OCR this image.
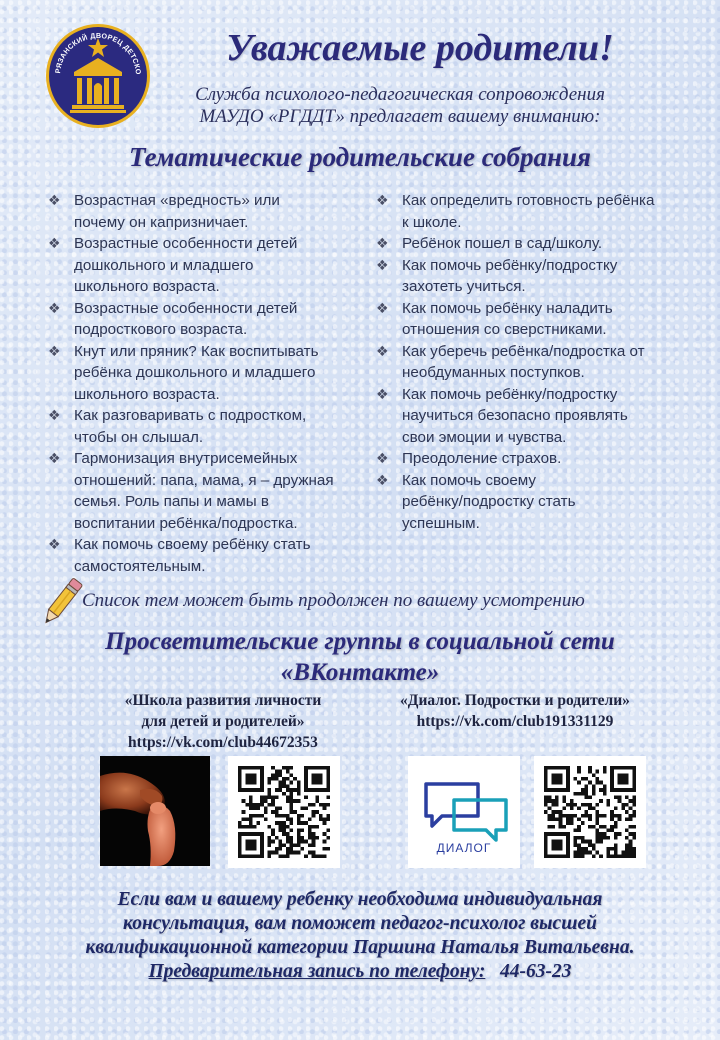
РЯЗАНСКИЙ ДВОРЕЦ ДЕТСКО
Уважаемые родители!
Служба психолого-педагогическая сопровождения
МАУДО «РГДДТ» предлагает вашему вниманию:
Тематические родительские собрания
❖ Возрастная «вредность» или
почему он капризничает.
❖ Возрастные особенности детей
дошкольного и младшего
школьного возраста.
❖ Возрастные особенности детей
подросткового возраста.
❖ Кнут или пряник? Как воспитывать
ребёнка дошкольного и младшего
школьного возраста.
❖ Как разговаривать с подростком,
чтобы он слышал.
❖ Гармонизация внутрисемейных
отношений: папа, мама, я – дружная
семья. Роль папы и мамы в
воспитании ребёнка/подростка.
❖ Как помочь своему ребёнку стать
самостоятельным.
❖ Как определить готовность ребёнка
к школе.
❖ Ребёнок пошел в сад/школу.
❖ Как помочь ребёнку/подростку
захотеть учиться.
❖ Как помочь ребёнку наладить
отношения со сверстниками.
❖ Как уберечь ребёнка/подростка от
необдуманных поступков.
❖ Как помочь ребёнку/подростку
научиться безопасно проявлять
свои эмоции и чувства.
❖ Преодоление страхов.
❖ Как помочь своему
ребёнку/подростку стать
успешным.
Список тем может быть продолжен по вашему усмотрению
Просветительские группы в социальной сети
«ВКонтакте»
«Школа развития личности
для детей и родителей»
https://vk.com/club44672353
«Диалог. Подростки и родители»
https://vk.com/club191331129
ДИАЛОГ
Если вам и вашему ребенку необходима индивидуальная
консультация, вам поможет педагог-психолог высшей
квалификационной категории Паршина Наталья Витальевна.
Предварительная запись по телефону: 44-63-23
